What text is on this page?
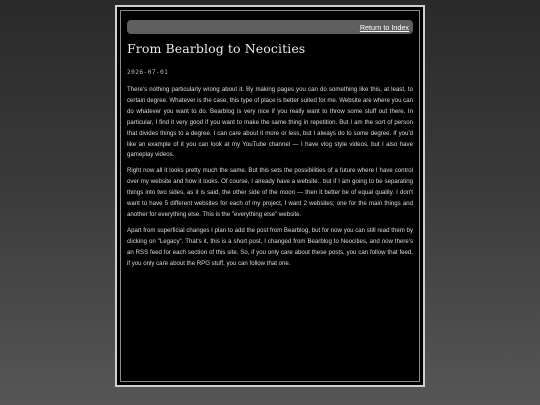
Return to Index
From Bearblog to Neocities
2026-07-01

There's nothing particularly wrong about it. By making pages you can do something like this, at least, to certain degree. Whatever is the case, this type of place is better suited for me. Website are where you can do whatever you want to do. Bearblog is very nice if you really want to throw some stuff out there. In particular, I find it very good if you want to make the same thing in repetition. But I am the sort of person that divides things to a degree. I can care about it more or less, but I always do to some degree. If you'd like an example of it you can look at my YouTube channel — I have vlog style videos, but I also have gameplay videos.

Right now all it looks pretty much the same. But this sets the possibilities of a future where I have control over my website and how it looks. Of course, I already have a website.. but if I am going to be separating things into two sides, as it is said, the other side of the moon — then it better be of equal quality. I don't want to have 5 different websites for each of my project, I want 2 websites; one for the main things and another for everything else. This is the "everything else" website.

Apart from superficial changes I plan to add the post from Bearblog, but for now you can still read them by clicking on "Legacy". That's it, this is a short post, I changed from Bearblog to Neocities, and now there's an RSS feed for each section of this site. So, if you only care about these posts, you can follow that feed, if you only care about the RPG stuff, you can follow that one.
